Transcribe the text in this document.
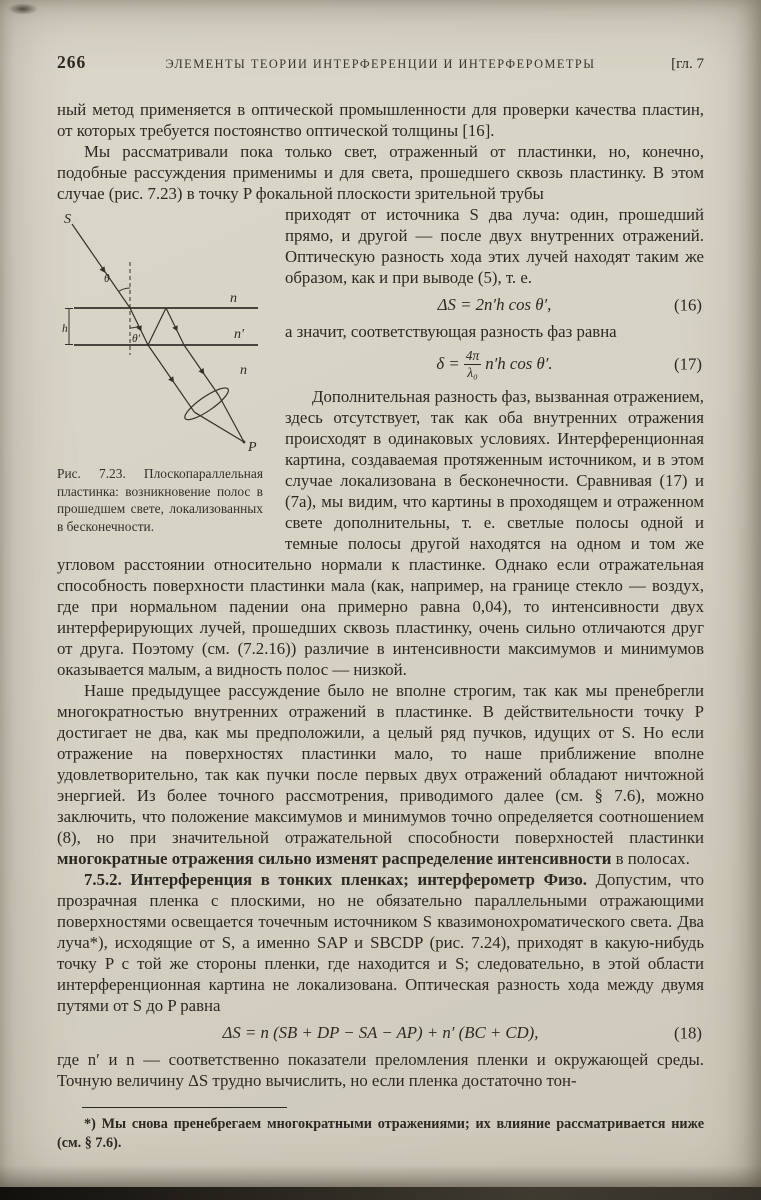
266	ЭЛЕМЕНТЫ ТЕОРИИ ИНТЕРФЕРЕНЦИИ И ИНТЕРФЕРОМЕТРЫ	[гл. 7

ный метод применяется в оптической промышленности для проверки качества пластин, от которых требуется постоянство оптической толщины [16].

Мы рассматривали пока только свет, отраженный от пластинки, но, конечно, подобные рассуждения применимы и для света, прошедшего сквозь пластинку. В этом случае (рис. 7.23) в точку P фокальной плоскости зрительной трубы

S
θ
θ′
n
n′
n
h
P
Рис. 7.23. Плоскопараллельная пластинка: возникновение полос в прошедшем свете, локализованных в бесконечности.

приходят от источника S два луча: один, прошедший прямо, и другой — после двух внутренних отражений. Оптическую разность хода этих лучей находят таким же образом, как и при выводе (5), т. е.

ΔS = 2n′h cos θ′,	(16)

а значит, соответствующая разность фаз равна

$\delta = \frac{4\pi}{\text{λ₀}} n'h$ cos θ′.	(17)

Дополнительная разность фаз, вызванная отражением, здесь отсутствует, так как оба внутренних отражения происходят в одинаковых условиях. Интерференционная картина, создаваемая протяженным источником, и в этом случае локализована в бесконечности. Сравнивая (17) и (7а), мы видим, что картины в проходящем и отраженном свете дополнительны, т. е. светлые полосы одной и темные полосы другой находятся на одном и том же угловом расстоянии относительно нормали к пластинке. Однако если отражательная способность поверхности пластинки мала (как, например, на границе стекло — воздух, где при нормальном падении она примерно равна 0,04), то интенсивности двух интерферирующих лучей, прошедших сквозь пластинку, очень сильно отличаются друг от друга. Поэтому (см. (7.2.16)) различие в интенсивности максимумов и минимумов оказывается малым, а видность полос — низкой.

Наше предыдущее рассуждение было не вполне строгим, так как мы пренебрегли многократностью внутренних отражений в пластинке. В действительности точку P достигает не два, как мы предположили, а целый ряд пучков, идущих от S. Но если отражение на поверхностях пластинки мало, то наше приближение вполне удовлетворительно, так как пучки после первых двух отражений обладают ничтожной энергией. Из более точного рассмотрения, приводимого далее (см. § 7.6), можно заключить, что положение максимумов и минимумов точно определяется соотношением (8), но при значительной отражательной способности поверхностей пластинки многократные отражения сильно изменят распределение интенсивности в полосах.

7.5.2. Интерференция в тонких пленках; интерферометр Физо. Допустим, что прозрачная пленка с плоскими, но не обязательно параллельными отражающими поверхностями освещается точечным источником S квазимонохроматического света. Два луча*), исходящие от S, а именно SAP и SBCDP (рис. 7.24), приходят в какую-нибудь точку P с той же стороны пленки, где находится и S; следовательно, в этой области интерференционная картина не локализована. Оптическая разность хода между двумя путями от S до P равна

ΔS = n (SB + DP − SA − AP) + n′ (BC + CD),	(18)

где n′ и n — соответственно показатели преломления пленки и окружающей среды. Точную величину ΔS трудно вычислить, но если пленка достаточно тон-

*) Мы снова пренебрегаем многократными отражениями; их влияние рассматривается ниже (см. § 7.6).
